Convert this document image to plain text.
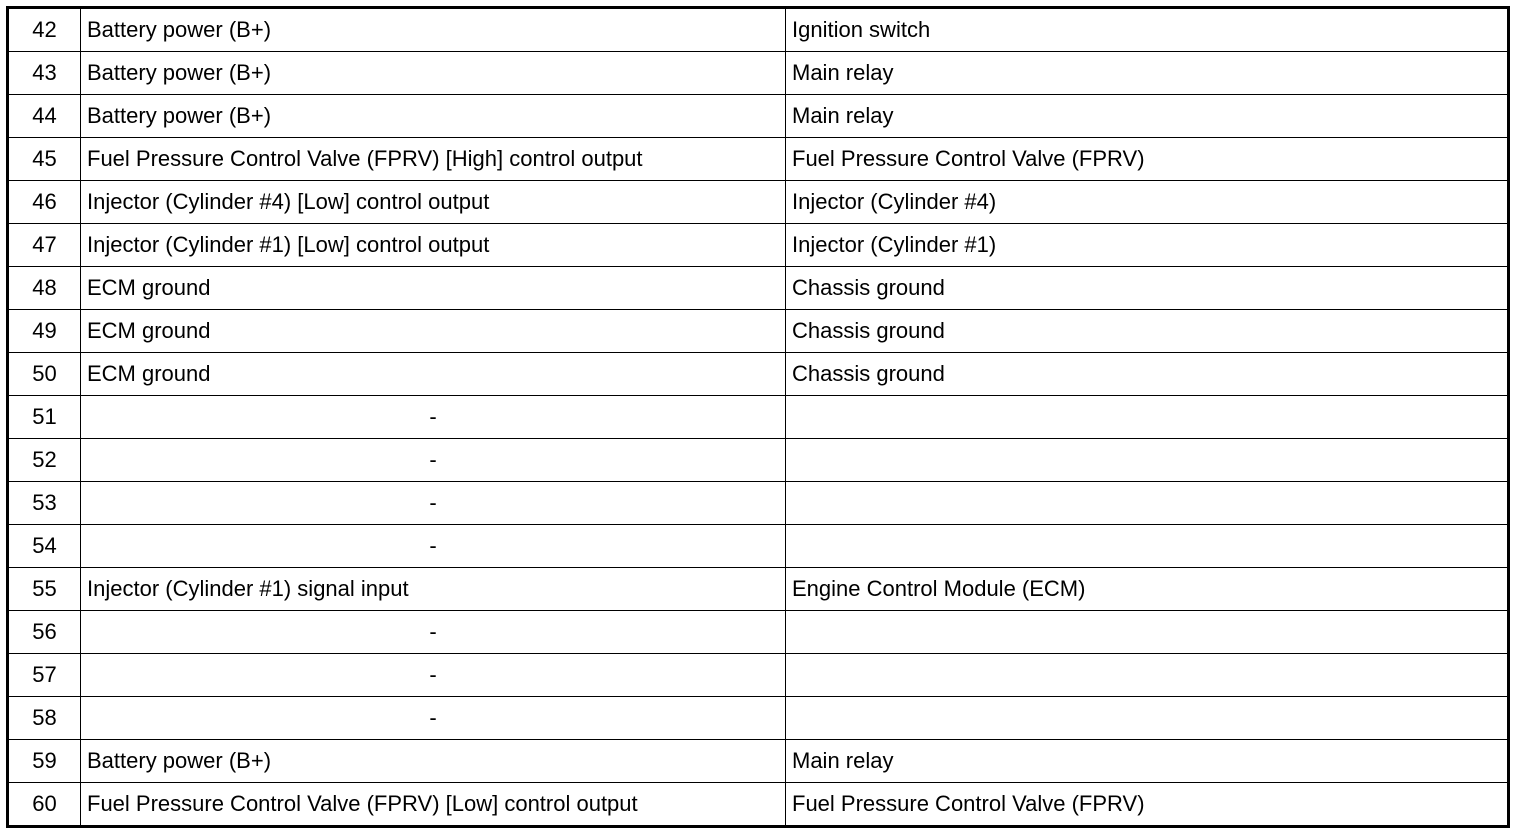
42	Battery power (B+)	Ignition switch
43	Battery power (B+)	Main relay
44	Battery power (B+)	Main relay
45	Fuel Pressure Control Valve (FPRV) [High] control output	Fuel Pressure Control Valve (FPRV)
46	Injector (Cylinder #4) [Low] control output	Injector (Cylinder #4)
47	Injector (Cylinder #1) [Low] control output	Injector (Cylinder #1)
48	ECM ground	Chassis ground
49	ECM ground	Chassis ground
50	ECM ground	Chassis ground
51	-	
52	-	
53	-	
54	-	
55	Injector (Cylinder #1) signal input	Engine Control Module (ECM)
56	-	
57	-	
58	-	
59	Battery power (B+)	Main relay
60	Fuel Pressure Control Valve (FPRV) [Low] control output	Fuel Pressure Control Valve (FPRV)
